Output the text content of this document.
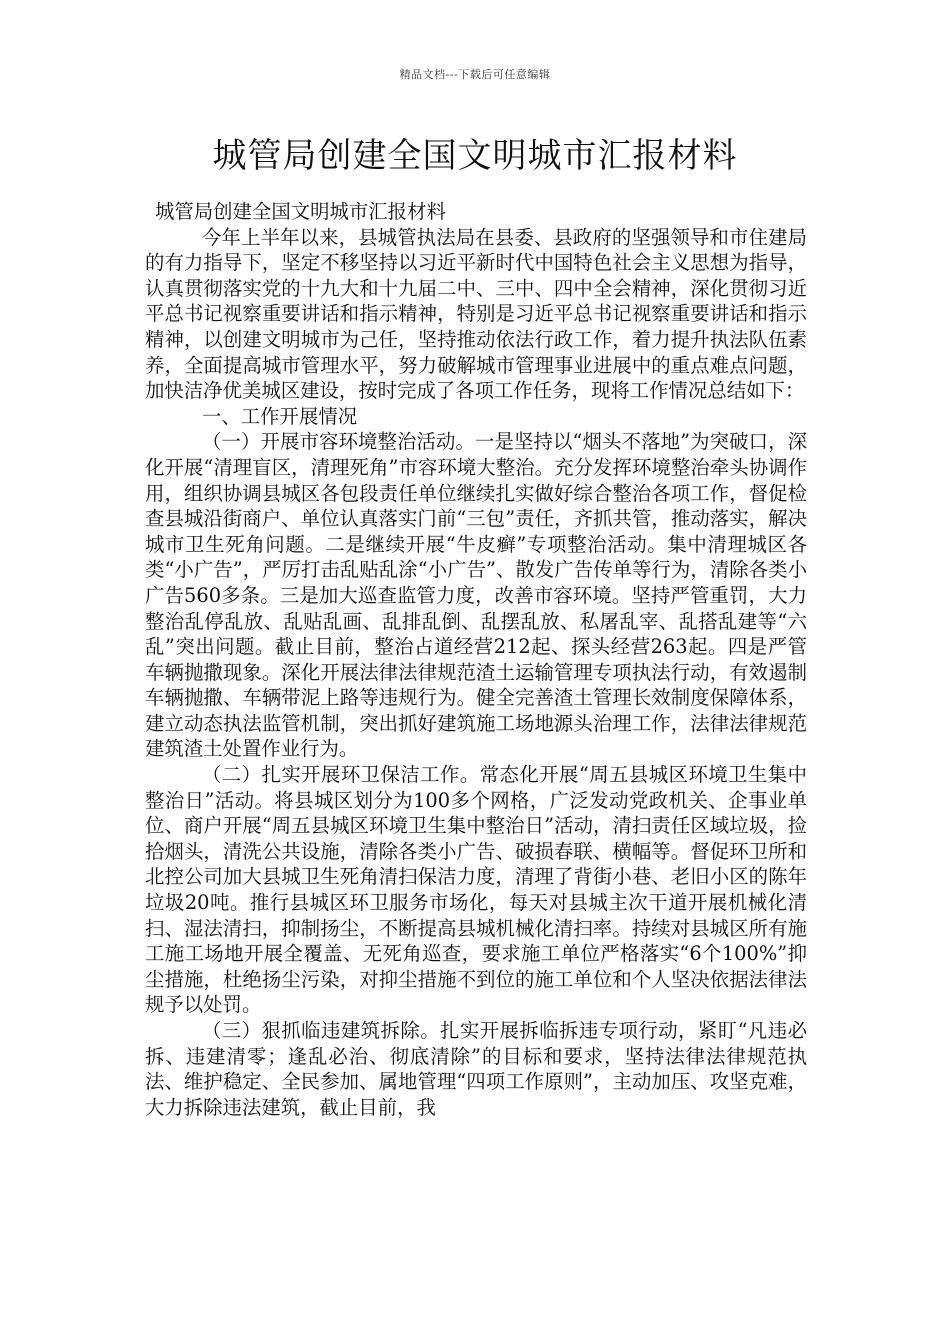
精品文档---下载后可任意编辑
城管局创建全国文明城市汇报材料

城管局创建全国文明城市汇报材料

今年上半年以来，县城管执法局在县委、县政府的坚强领导和市住建局的有力指导下，坚定不移坚持以习近平新时代中国特色社会主义思想为指导，认真贯彻落实党的十九大和十九届二中、三中、四中全会精神，深化贯彻习近平总书记视察重要讲话和指示精神，特别是习近平总书记视察重要讲话和指示精神，以创建文明城市为己任，坚持推动依法行政工作，着力提升执法队伍素养，全面提高城市管理水平，努力破解城市管理事业进展中的重点难点问题，加快洁净优美城区建设，按时完成了各项工作任务，现将工作情况总结如下：

一、工作开展情况

（一）开展市容环境整治活动。一是坚持以“烟头不落地”为突破口，深化开展“清理盲区，清理死角”市容环境大整治。充分发挥环境整治牵头协调作用，组织协调县城区各包段责任单位继续扎实做好综合整治各项工作，督促检查县城沿街商户、单位认真落实门前“三包”责任，齐抓共管，推动落实，解决城市卫生死角问题。二是继续开展“牛皮癣”专项整治活动。集中清理城区各类“小广告”，严厉打击乱贴乱涂“小广告”、散发广告传单等行为，清除各类小广告560多条。三是加大巡查监管力度，改善市容环境。坚持严管重罚，大力整治乱停乱放、乱贴乱画、乱排乱倒、乱摆乱放、私屠乱宰、乱搭乱建等“六乱”突出问题。截止目前，整治占道经营212起、探头经营263起。四是严管车辆抛撒现象。深化开展法律法律规范渣土运输管理专项执法行动，有效遏制车辆抛撒、车辆带泥上路等违规行为。健全完善渣土管理长效制度保障体系，建立动态执法监管机制，突出抓好建筑施工场地源头治理工作，法律法律规范建筑渣土处置作业行为。

（二）扎实开展环卫保洁工作。常态化开展“周五县城区环境卫生集中整治日”活动。将县城区划分为100多个网格，广泛发动党政机关、企事业单位、商户开展“周五县城区环境卫生集中整治日”活动，清扫责任区域垃圾，捡拾烟头，清洗公共设施，清除各类小广告、破损春联、横幅等。督促环卫所和北控公司加大县城卫生死角清扫保洁力度，清理了背街小巷、老旧小区的陈年垃圾20吨。推行县城区环卫服务市场化，每天对县城主次干道开展机械化清扫、湿法清扫，抑制扬尘，不断提高县城机械化清扫率。持续对县城区所有施工施工场地开展全覆盖、无死角巡查，要求施工单位严格落实“6个100%”抑尘措施，杜绝扬尘污染，对抑尘措施不到位的施工单位和个人坚决依据法律法规予以处罚。

（三）狠抓临违建筑拆除。扎实开展拆临拆违专项行动，紧盯“凡违必拆、违建清零；逢乱必治、彻底清除”的目标和要求，坚持法律法律规范执法、维护稳定、全民参加、属地管理“四项工作原则”，主动加压、攻坚克难，大力拆除违法建筑，截止目前，我
